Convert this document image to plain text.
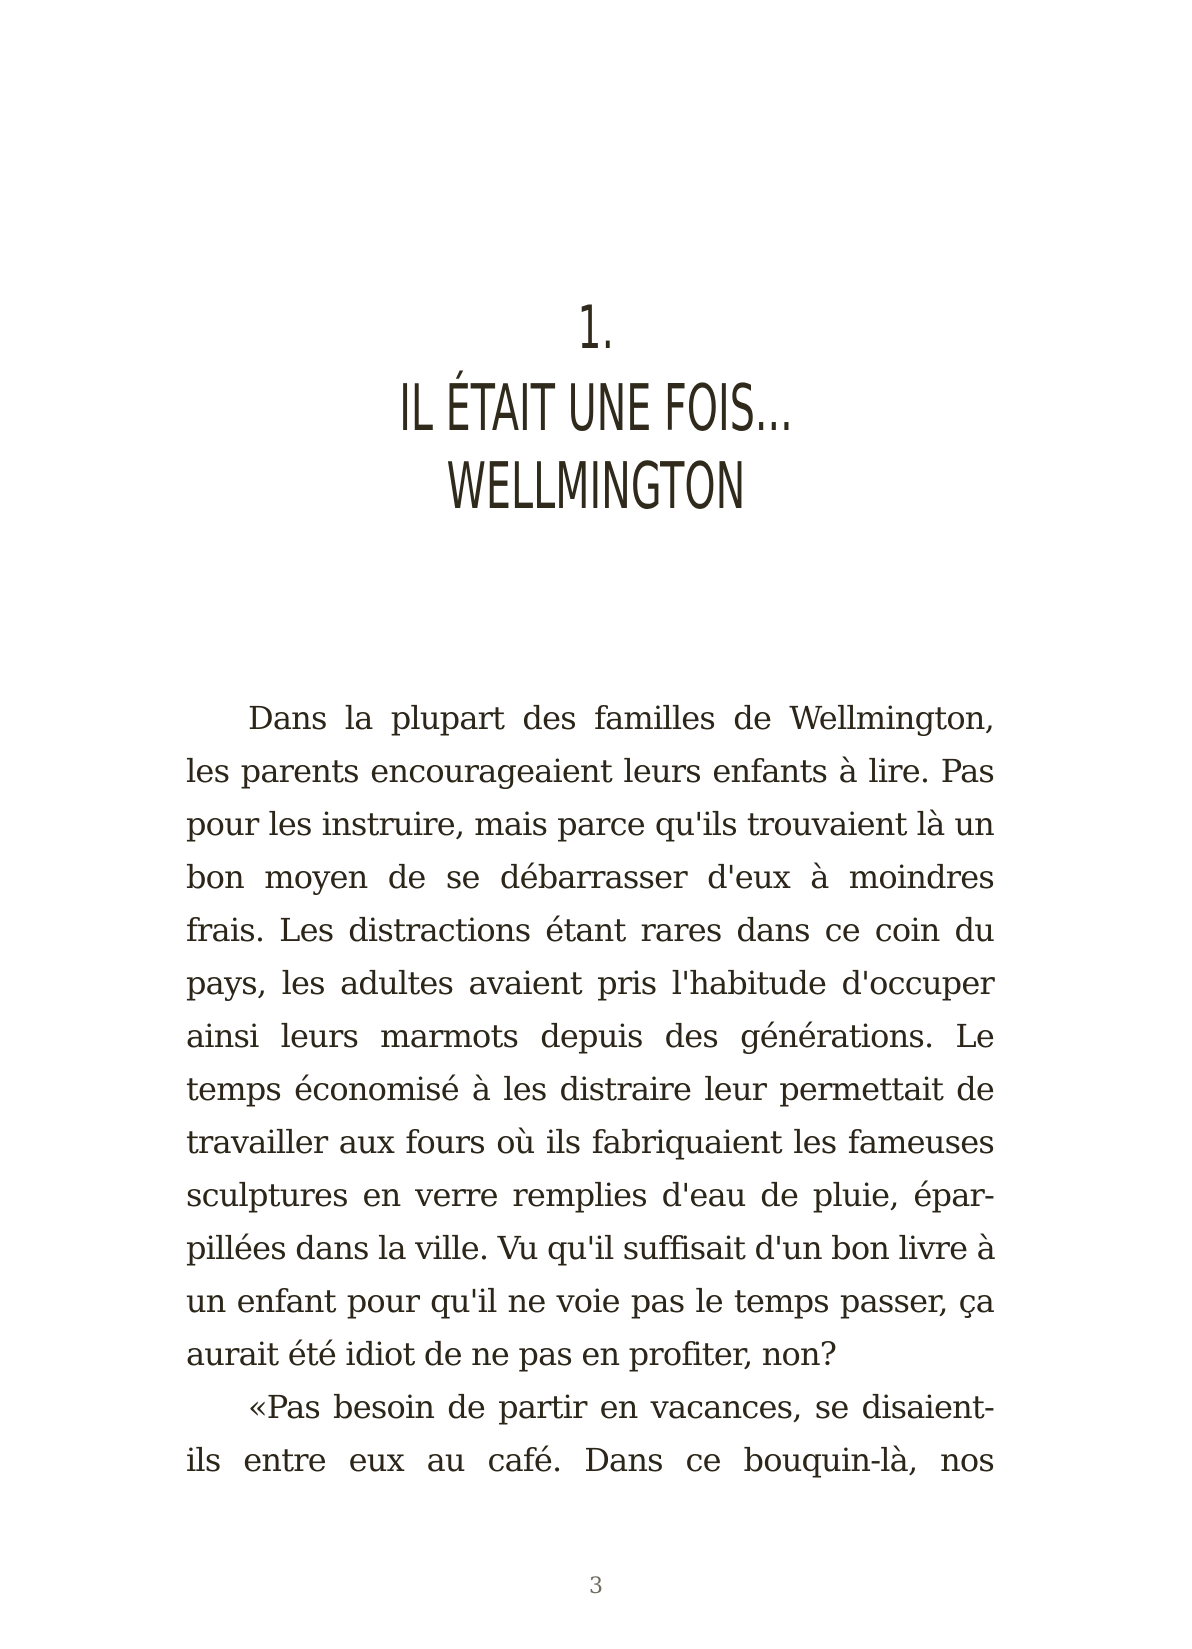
1.
IL ÉTAIT UNE FOIS...
WELLMINGTON
Dans la plupart des familles de Wellmington,
les parents encourageaient leurs enfants à lire. Pas
pour les instruire, mais parce qu'ils trouvaient là un
bon moyen de se débarrasser d'eux à moindres
frais. Les distractions étant rares dans ce coin du
pays, les adultes avaient pris l'habitude d'occuper
ainsi leurs marmots depuis des générations. Le
temps économisé à les distraire leur permettait de
travailler aux fours où ils fabriquaient les fameuses
sculptures en verre remplies d'eau de pluie, épar-
pillées dans la ville. Vu qu'il suffisait d'un bon livre à
un enfant pour qu'il ne voie pas le temps passer, ça
aurait été idiot de ne pas en profiter, non?
«Pas besoin de partir en vacances, se disaient-
ils entre eux au café. Dans ce bouquin-là, nos
3
